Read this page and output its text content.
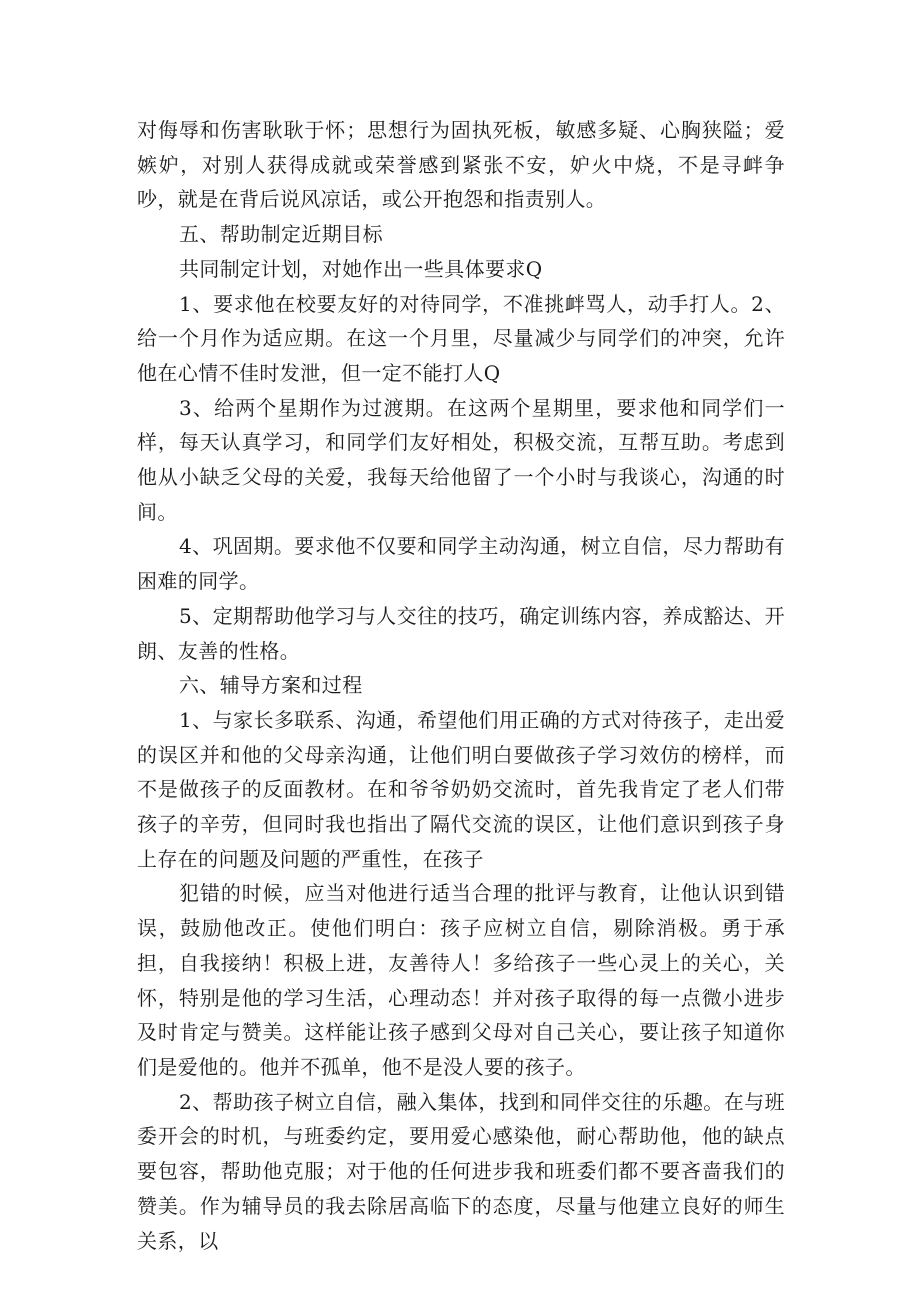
对侮辱和伤害耿耿于怀；思想行为固执死板，敏感多疑、心胸狭隘；爱嫉妒，对别人获得成就或荣誉感到紧张不安，妒火中烧，不是寻衅争吵，就是在背后说风凉话，或公开抱怨和指责别人。

五、帮助制定近期目标

共同制定计划，对她作出一些具体要求Q

1、要求他在校要友好的对待同学，不准挑衅骂人，动手打人。2、给一个月作为适应期。在这一个月里，尽量减少与同学们的冲突，允许他在心情不佳时发泄，但一定不能打人Q

3、给两个星期作为过渡期。在这两个星期里，要求他和同学们一样，每天认真学习，和同学们友好相处，积极交流，互帮互助。考虑到他从小缺乏父母的关爱，我每天给他留了一个小时与我谈心，沟通的时间。

4、巩固期。要求他不仅要和同学主动沟通，树立自信，尽力帮助有困难的同学。

5、定期帮助他学习与人交往的技巧，确定训练内容，养成豁达、开朗、友善的性格。

六、辅导方案和过程

1、与家长多联系、沟通，希望他们用正确的方式对待孩子，走出爱的误区并和他的父母亲沟通，让他们明白要做孩子学习效仿的榜样，而不是做孩子的反面教材。在和爷爷奶奶交流时，首先我肯定了老人们带孩子的辛劳，但同时我也指出了隔代交流的误区，让他们意识到孩子身上存在的问题及问题的严重性，在孩子

犯错的时候，应当对他进行适当合理的批评与教育，让他认识到错误，鼓励他改正。使他们明白：孩子应树立自信，剔除消极。勇于承担，自我接纳！积极上进，友善待人！多给孩子一些心灵上的关心，关怀，特别是他的学习生活，心理动态！并对孩子取得的每一点微小进步及时肯定与赞美。这样能让孩子感到父母对自己关心，要让孩子知道你们是爱他的。他并不孤单，他不是没人要的孩子。

2、帮助孩子树立自信，融入集体，找到和同伴交往的乐趣。在与班委开会的时机，与班委约定，要用爱心感染他，耐心帮助他，他的缺点要包容，帮助他克服；对于他的任何进步我和班委们都不要吝啬我们的赞美。作为辅导员的我去除居高临下的态度，尽量与他建立良好的师生关系，以
